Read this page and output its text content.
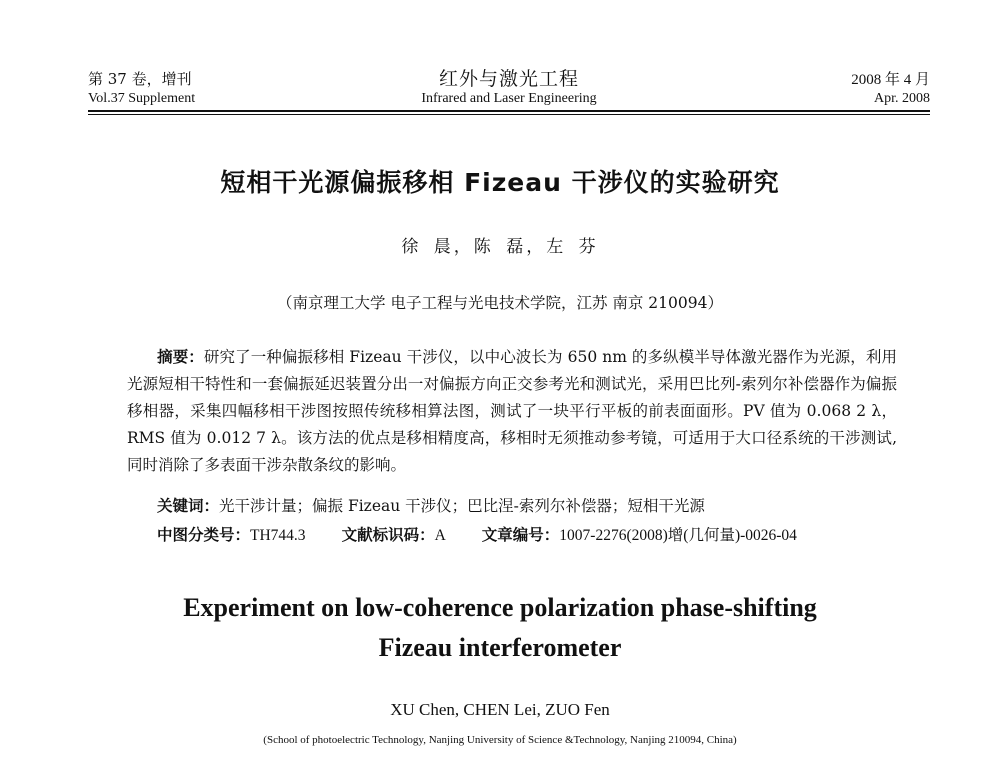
第 37 卷，增刊
Vol.37 Supplement
红外与激光工程
Infrared and Laser Engineering
2008 年 4 月
Apr. 2008
短相干光源偏振移相 Fizeau 干涉仪的实验研究
徐 晨，陈 磊，左 芬
（南京理工大学 电子工程与光电技术学院，江苏 南京 210094）
摘要：研究了一种偏振移相 Fizeau 干涉仪，以中心波长为 650 nm 的多纵模半导体激光器作为光源，利用光源短相干特性和一套偏振延迟装置分出一对偏振方向正交参考光和测试光，采用巴比列-索列尔补偿器作为偏振移相器，采集四幅移相干涉图按照传统移相算法图，测试了一块平行平板的前表面面形。PV 值为 0.068 2 λ，RMS 值为 0.012 7 λ。该方法的优点是移相精度高，移相时无须推动参考镜，可适用于大口径系统的干涉测试,同时消除了多表面干涉杂散条纹的影响。
关键词：光干涉计量；偏振 Fizeau 干涉仪；巴比涅-索列尔补偿器；短相干光源
中图分类号：TH744.3 文献标识码：A 文章编号：1007-2276(2008)增(几何量)-0026-04
Experiment on low-coherence polarization phase-shifting
Fizeau interferometer
XU Chen, CHEN Lei, ZUO Fen
(School of photoelectric Technology, Nanjing University of Science &Technology, Nanjing 210094, China)
